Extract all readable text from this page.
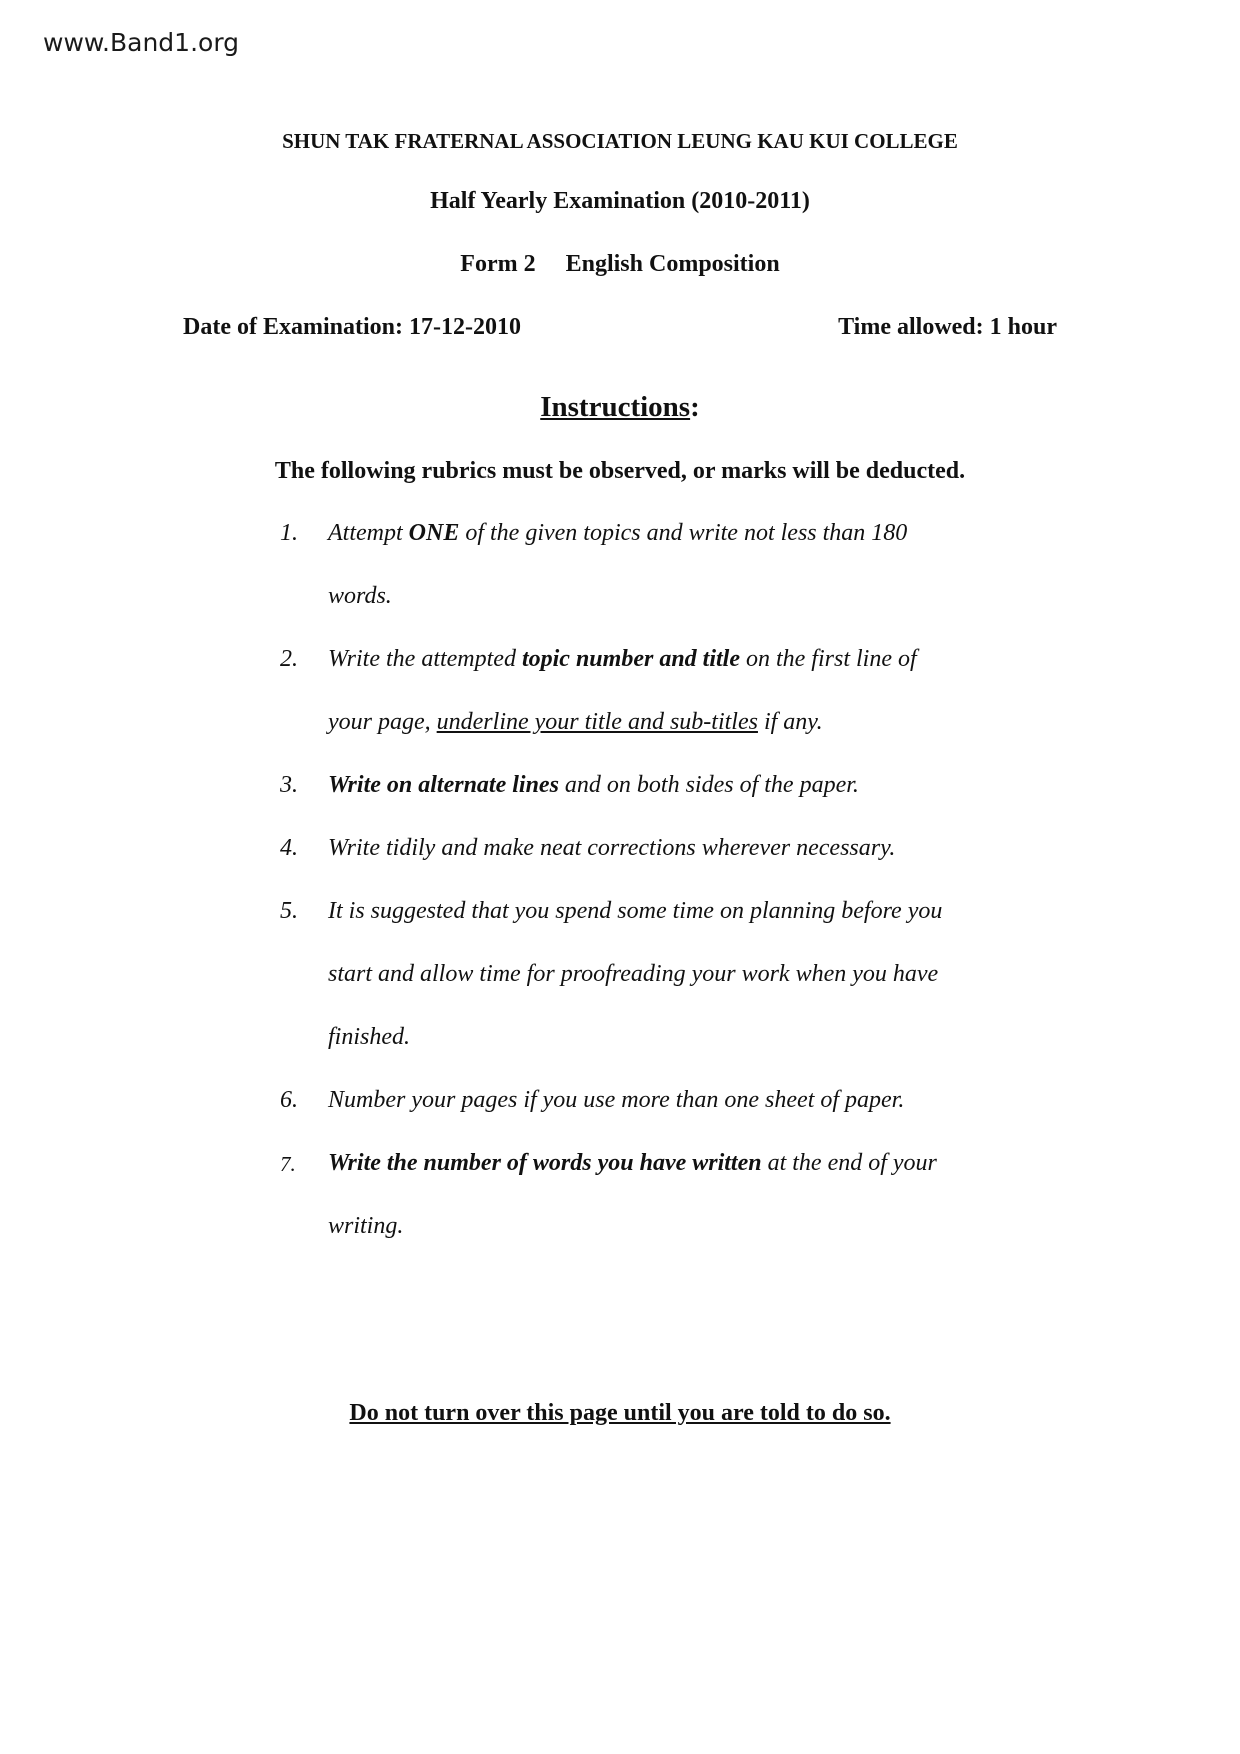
www.Band1.org
SHUN TAK FRATERNAL ASSOCIATION LEUNG KAU KUI COLLEGE
Half Yearly Examination (2010-2011)
Form 2 English Composition
Date of Examination: 17-12-2010	Time allowed: 1 hour
Instructions:
The following rubrics must be observed, or marks will be deducted.
1. Attempt ONE of the given topics and write not less than 180
words.
2. Write the attempted topic number and title on the first line of
your page, underline your title and sub-titles if any.
3. Write on alternate lines and on both sides of the paper.
4. Write tidily and make neat corrections wherever necessary.
5. It is suggested that you spend some time on planning before you
start and allow time for proofreading your work when you have
finished.
6. Number your pages if you use more than one sheet of paper.
7. Write the number of words you have written at the end of your
writing.
Do not turn over this page until you are told to do so.
